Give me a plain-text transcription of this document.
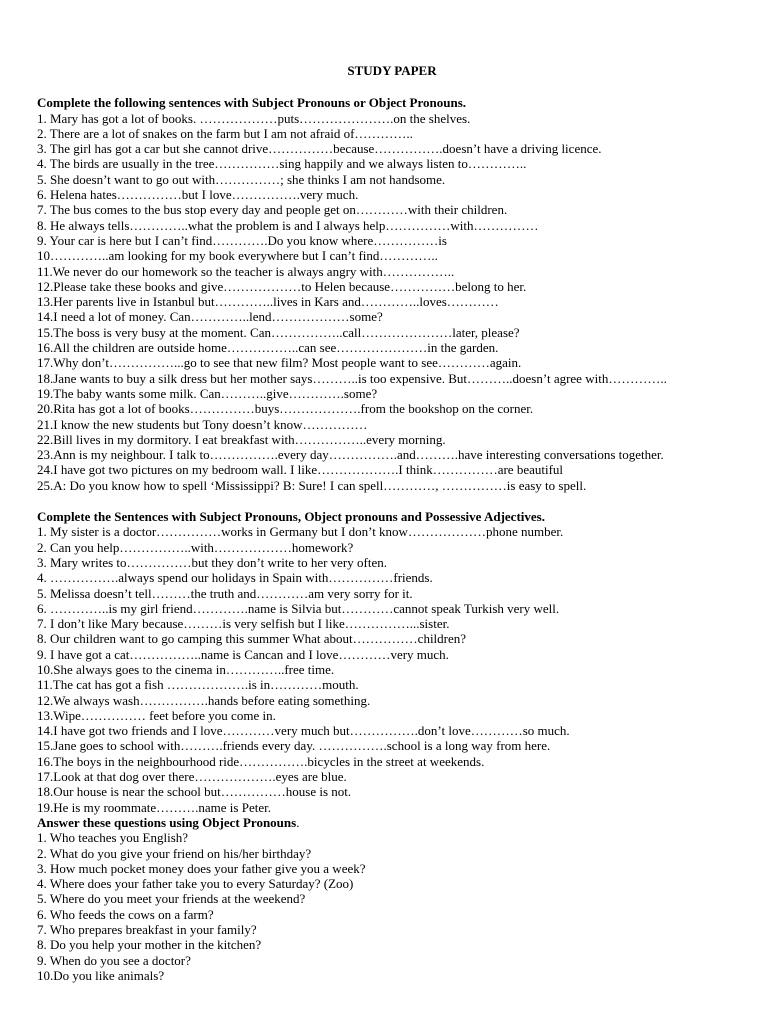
STUDY PAPER
Complete the following sentences with Subject Pronouns or Object Pronouns.
1. Mary has got a lot of books. ………………puts………………….on the shelves.
2. There are a lot of snakes on the farm but I am not afraid of…………..
3. The girl has got a car but she cannot drive……………because…………….doesn’t have a driving licence.
4. The birds are usually in the tree……………sing happily and we always listen to…………..
5. She doesn’t want to go out with……………; she thinks I am not handsome.
6. Helena hates……………but I love…………….very much.
7. The bus comes to the bus stop every day and people get on…………with their children.
8. He always tells…………..what the problem is and I always help……………with……………
9. Your car is here but I can’t find………….Do you know where……………is
10…………..am looking for my book everywhere but I can’t find…………..
11.We never do our homework so the teacher is always angry with……………..
12.Please take these books and give………………to Helen because……………belong to her.
13.Her parents live in Istanbul but…………..lives in Kars and…………..loves…………
14.I need a lot of money. Can…………..lend………………some?
15.The boss is very busy at the moment. Can……………..call…………………later, please?
16.All the children are outside home……………..can see…………………in the garden.
17.Why don’t……………...go to see that new film? Most people want to see…………again.
18.Jane wants to buy a silk dress but her mother says………..is too expensive. But………..doesn’t agree with…………..
19.The baby wants some milk. Can………..give………….some?
20.Rita has got a lot of books……………buys……………….from the bookshop on the corner.
21.I know the new students but Tony doesn’t know……………
22.Bill lives in my dormitory. I eat breakfast with……………..every morning.
23.Ann is my neighbour. I talk to…………….every day…………….and……….have interesting conversations together.
24.I have got two pictures on my bedroom wall. I like……………….I think……………are beautiful
25.A: Do you know how to spell ‘Mississippi? B: Sure! I can spell…………, ……………is easy to spell.
Complete the Sentences with Subject Pronouns, Object pronouns and Possessive Adjectives.
1. My sister is a doctor……………works in Germany but I don’t know………………phone number.
2. Can you help……………..with………………homework?
3. Mary writes to……………but they don’t write to her very often.
4. …………….always spend our holidays in Spain with……………friends.
5. Melissa doesn’t tell………the truth and…………am very sorry for it.
6. …………..is my girl friend………….name is Silvia but…………cannot speak Turkish very well.
7. I don’t like Mary because………is very selfish but I like……………...sister.
8. Our children want to go camping this summer What about……………children?
9. I have got a cat……………..name is Cancan and I love…………very much.
10.She always goes to the cinema in…………..free time.
11.The cat has got a fish ……………….is in…………mouth.
12.We always wash…………….hands before eating something.
13.Wipe…………… feet before you come in.
14.I have got two friends and I love…………very much but…………….don’t love…………so much.
15.Jane goes to school with……….friends every day. …………….school is a long way from here.
16.The boys in the neighbourhood ride…………….bicycles in the street at weekends.
17.Look at that dog over there……………….eyes are blue.
18.Our house is near the school but……………house is not.
19.He is my roommate……….name is Peter.
Answer these questions using Object Pronouns.
1. Who teaches you English?
2. What do you give your friend on his/her birthday?
3. How much pocket money does your father give you a week?
4. Where does your father take you to every Saturday? (Zoo)
5. Where do you meet your friends at the weekend?
6. Who feeds the cows on a farm?
7. Who prepares breakfast in your family?
8. Do you help your mother in the kitchen?
9. When do you see a doctor?
10.Do you like animals?
